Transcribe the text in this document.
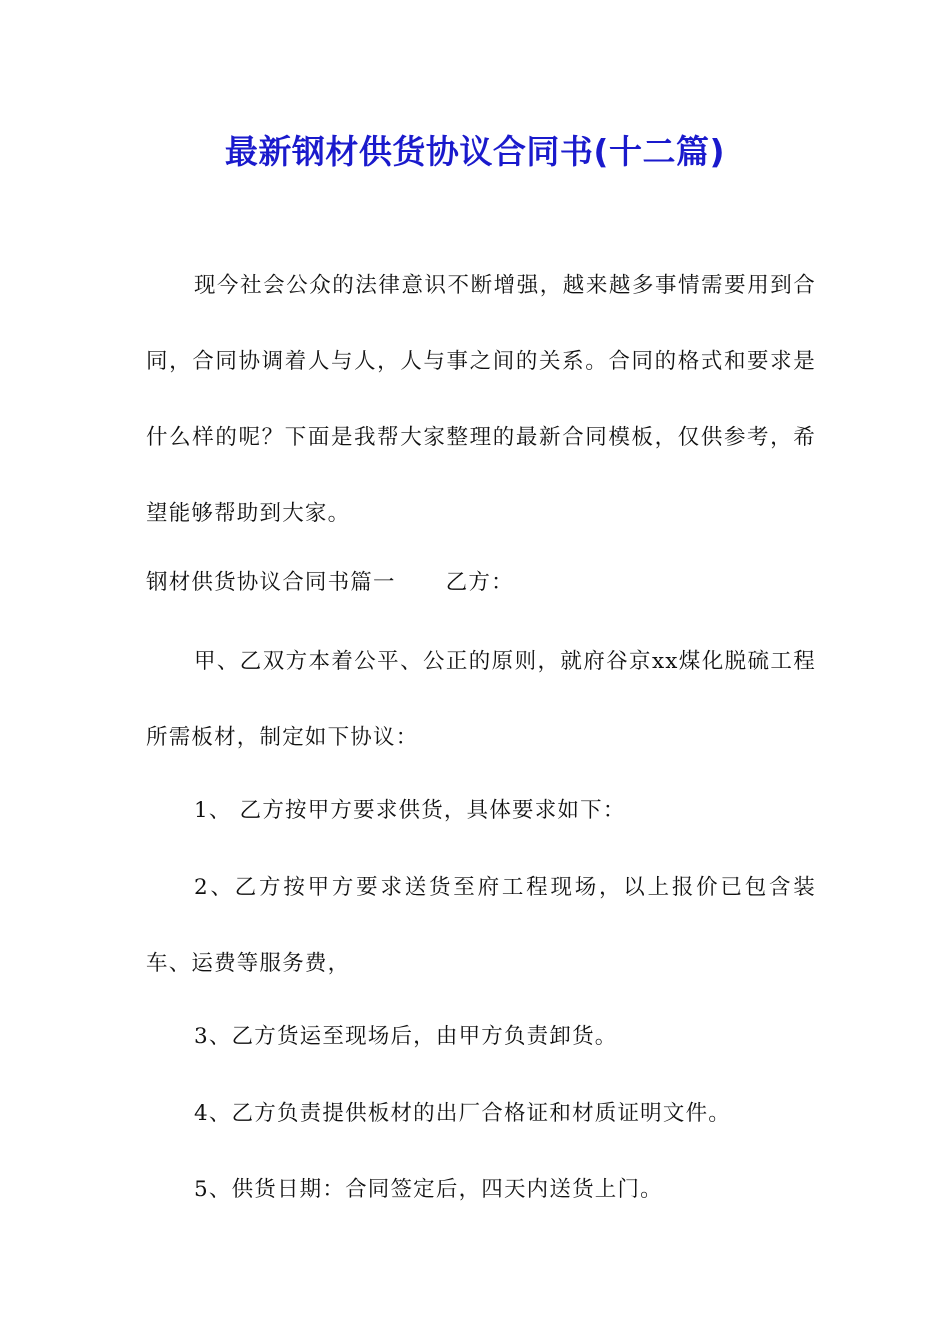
最新钢材供货协议合同书(十二篇)

现今社会公众的法律意识不断增强，越来越多事情需要用到合同，合同协调着人与人，人与事之间的关系。合同的格式和要求是什么样的呢？下面是我帮大家整理的最新合同模板，仅供参考，希望能够帮助到大家。

钢材供货协议合同书篇一 乙方：

甲、乙双方本着公平、公正的原则，就府谷京xx煤化脱硫工程所需板材，制定如下协议：

1、 乙方按甲方要求供货，具体要求如下：

2、乙方按甲方要求送货至府工程现场，以上报价已包含装车、运费等服务费，

3、乙方货运至现场后，由甲方负责卸货。

4、乙方负责提供板材的出厂合格证和材质证明文件。

5、供货日期：合同签定后，四天内送货上门。
